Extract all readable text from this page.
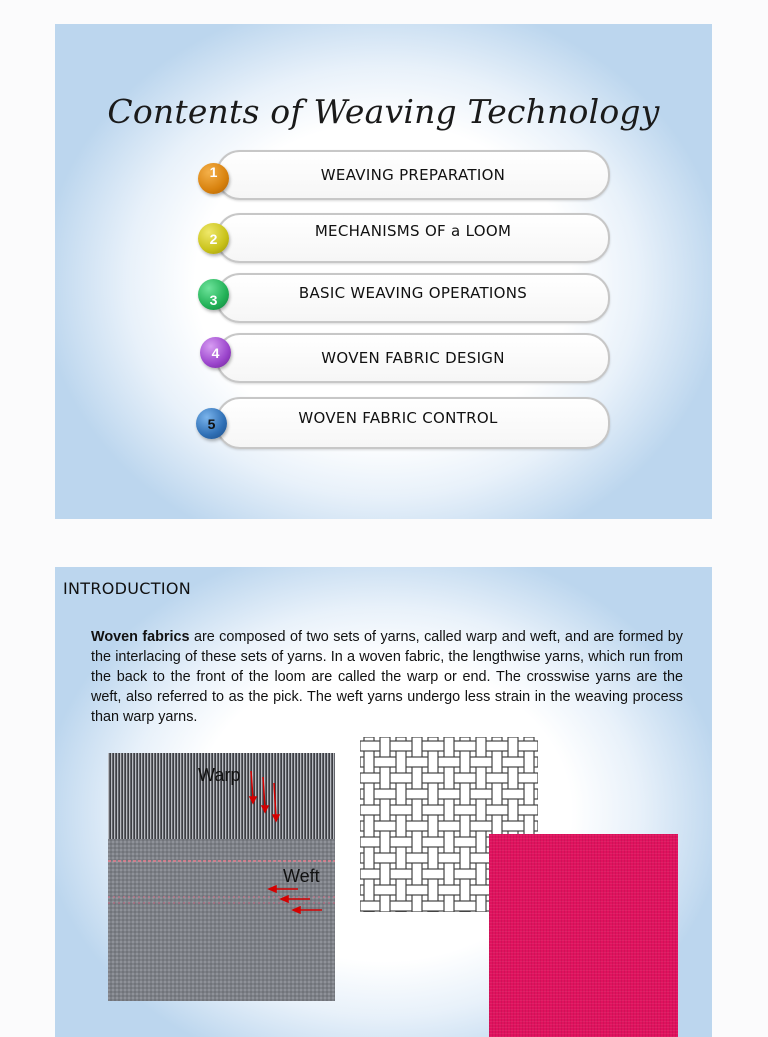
Contents of Weaving Technology
WEAVING PREPARATION
1
MECHANISMS OF a LOOM
2
BASIC WEAVING OPERATIONS
3
WOVEN FABRIC DESIGN
4
WOVEN FABRIC CONTROL
5
INTRODUCTION
Woven fabrics are composed of two sets of yarns, called warp and weft, and are formed by the interlacing of these sets of yarns. In a woven fabric, the lengthwise yarns, which run from the back to the front of the loom are called the warp or end. The crosswise yarns are the weft, also referred to as the pick. The weft yarns undergo less strain in the weaving process than warp yarns.
Warp
Weft
